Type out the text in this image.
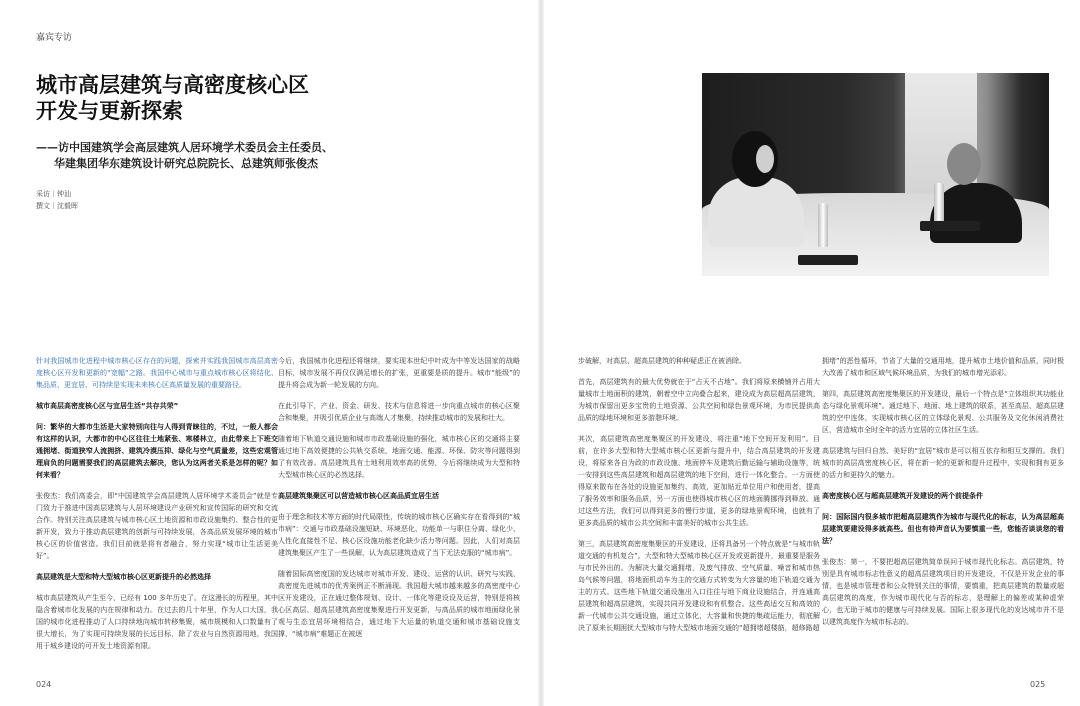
嘉宾专访
城市高层建筑与高密度核心区
开发与更新探索
——访中国建筑学会高层建筑人居环境学术委员会主任委员、
华建集团华东建筑设计研究总院院长、总建筑师张俊杰
采访｜钟汕
撰文｜沈毅晖

针对我国城市化进程中城市核心区存在的问题，探索并实践我国城市高层高密度核心区开发和更新的“宽幅”之路。我国中心城市与重点城市核心区将结化、集品质、更宜居、可持续是实现未来核心区高质量发展的重要路径。

城市高层高密度核心区与宜居生活“共存共荣”

问：繁华的大都市生活是大家特别向往与人得到青睐往的，不过，一般人都会有这样的认识，大都市的中心区往往土地紧张、寒楼林立，由此带来上下班交通拥堵、街道狭窄人流拥挤、建筑冷漠压抑、绿化与空气质量差，这些宏观管理肩负的问题需要我们的高层建筑去解决，您认为这两者关系是怎样的呢？如何来看？

张俊杰：我们高委会，即“中国建筑学会高层建筑人居环境学术委员会”就是专门致力于推进中国高层建筑与人居环境建设产业研究和宣传国际的研究和交流合作。特别关注高层建筑与城市核心区土地资源和市政设施集约、整合性的更新开发，致力于推动高层建筑的创新与可持续发展，各高品质发展环境的城市核心区的价值营造。我们目前就是将有者融合，努力实现“城市让生活更美好”。

高层建筑是大型和特大型城市核心区更新提升的必然选择

城市高层建筑从产生至今，已经有 100 多年历史了。在这漫长的历程里，其中隐含着城市化发展的内在规律和动力。在过去的几十年里，作为人口大国，我国的城市化进程推动了人口持续地向城市转移集聚，城市规模和人口数量有了很大增长，为了实现可持续发展的长远目标，除了农业与自然资源用地，我国用于城乡建设的可开发土地资源有限。

今后，我国城市化进程还将继续，要实现本世纪中叶成为中等发达国家的战略目标，城市发展不再仅仅满足增长的扩张，更重要是质的提升。城市“能级”的提升将会成为新一轮发展的方向。

在此引导下，产业、资金、研发、技术与信息将进一步向重点城市的核心区聚合和集聚，并吸引优质企业与高端人才集聚，持续推动城市的发展和壮大。

随着地下轨道交通设施和城市市政基础设施的强化，城市核心区的交通将主要通过地下高效便捷的公共轨交系统，地面交通、能源、环保、防灾等问题得到了有效改善。高层建筑具有土地利用效率高的优势，今后将继续成为大型和特大型城市核心区的必然选择。

高层建筑集聚区可以营造城市核心区高品质宜居生活

由于理念和技术等方面的时代局限性，传统的城市核心区确实存在看得到的“城市病”：交通与市政基础设施短缺、环境恶化、功能单一与职住分离、绿化少、人性化直接性不足、核心区设施功能老化缺少活力等问题。因此，人们对高层建筑集聚区产生了一些误解，认为高层建筑造成了当下无法克服的“城市病”。

随着国际高密度国的发达城市对城市开发、建设、运营的认识、研究与实践，高密度先进城市的优秀案例正不断涌现。我国超大城市越来越多的高密度中心区开发建设，正在通过整体规划、设计、一体化等建设设及运营，特别是将核心区高层、超高层建筑高密度集聚进行开发更新，与高品质的城市地面绿化景观与生态宜居环境相结合，通过地下大运量的轨道交通和城市基础设施支撑，“城市病”难题正在被逐

步破解，对高层、超高层建筑的种种疑虑正在被消除。

首先，高层建筑有的最大优势就在于“占天不占地”。我们将原来横铺并占用大量城市土地面积的建筑，朝着空中立向叠合起来，建设成为高层超高层建筑，为城市保留出更多宝贵的土地资源、公共空间和绿色景观环境，为市民提供高品质的绿地环境和更多游憩环境。

其次，高层建筑高密度集聚区的开发建设，将注重“地下空间开发利用”。目前，在许多大型和特大型城市核心区更新与提升中，结合高层建筑的开发建设，将原来各自为政的市政设施、地面停车及建筑后勤运输与辅助设施等，统一安排到这些高层建筑和超高层建筑的地下空间，进行一体化整合。一方面使得原来散布在各处的设施更加集约、高效，更加贴近单位用户和使用者，提高了服务效率和服务品质，另一方面也使得城市核心区的地面腾挪得到释放。通过这些方法，我们可以得到更多的慢行步道，更多的绿地景观环境，也就有了更多高品质的城市公共空间和丰富美好的城市公共生活。

第三，高层建筑高密度集聚区的开发建设，还将具备另一个特点就是“与城市轨道交通的有机复合”。大型和特大型城市核心区开发或更新提升，最重要是服务与市民外出的。为解决大量交通拥堵，及废气排放、空气质量、噪音和城市热岛气候等问题，将地面机动车为主的交通方式转变为大容量的地下轨道交通为主的方式。这些地下轨道交通设施出入口往往与地下商业设施结合，并连通高层建筑和超高层建筑，实现共同开发建设和有机整合。这些高适交互和高效的新一代城市公共交通设施，通过立体化、大容量和快捷的集疏运能力，彻底解决了原来长期困扰大型城市与特大型城市地面交通的“超拥堵超楼筋，超修路超

拥堵”的恶性循环，节省了大量的交通用地，提升城市土地价值和品质，同时极大改善了城市和区域气候环境品质，为我们的城市增光添彩。

第四，高层建筑高密度集聚区的开发建设，最后一个特点是“立体组织其功能业态与绿化景观环境”。通过地下、地面、地上建筑的联系，甚至高层、超高层建筑的空中连体，实现城市核心区的立体绿化景观、公共服务及文化休闲消费社区，营造城市全时全年的活力宜居的立体社区生活。

高层建筑与回归自然、美好的“宜居”城市是可以相互依存和相互支撑的。我们城市的高层高密度核心区，将在新一轮的更新和提升过程中，实现和拥有更多的活力和更持久的魅力。

高密度核心区与超高层建筑开发建设的两个前提条件

问：国际国内很多城市把超高层建筑作为城市与现代化的标志，认为高层超高层建筑要建设得多就高些。但也有待声音认为要慎重一些，您能否谈谈您的看法？

张俊杰：第一，不要把超高层建筑简单误问于城市现代化标志。高层建筑，特别是具有城市标志性意义的超高层建筑项目的开发建设，不仅是开发企业的事情，也是城市管理者和公众特别关注的事情，要慎重，把高层建筑的数量或超高层建筑的高度，作为城市现代化与否的标志，是理解上的偏差或某种虚荣心，也无助于城市的健康与可持续发展。国际上很多现代化的发达城市并不是以建筑高度作为城市标志的。

024	025
